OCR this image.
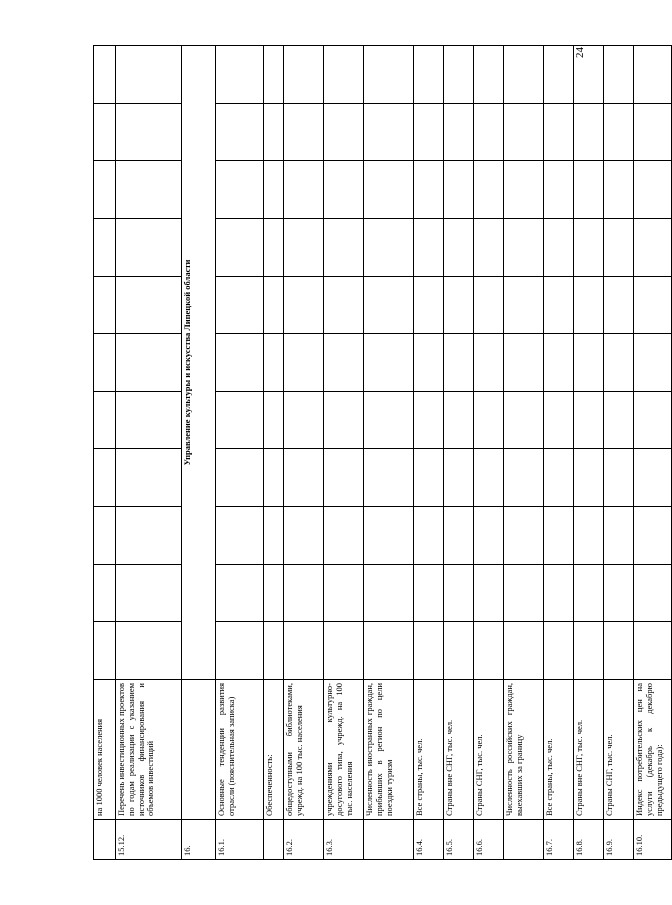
24
	на 1000 человек населения											
15.12.	Перечень инвестиционных проектов по годам реализации с указанием источников финансирования и объемов инвестиций											
16.		Управление культуры и искусства Липецкой области										
16.1.	Основные тенденции развития отрасли (пояснительная записка)											
	Обеспеченность:											
16.2.	общедоступными библиотеками, учрежд. на 100 тыс. населения											
16.3.	учреждениями культурно-досугового типа, учрежд. на 100 тыс. населения											
	Численность иностранных граждан, прибывших в регион по цели поездки туризм											
16.4.	Все страны, тыс. чел.											
16.5.	Страны вне СНГ, тыс. чел.											
16.6.	Страны СНГ, тыс. чел.											
	Численность российских граждан, выехавших за границу											
16.7.	Все страны, тыс. чел.											
16.8.	Страны вне СНГ, тыс. чел.											
16.9.	Страны СНГ, тыс. чел.											
16.10.	Индекс потребительских цен на услуги (декабрь к декабрю предыдущего года):											
